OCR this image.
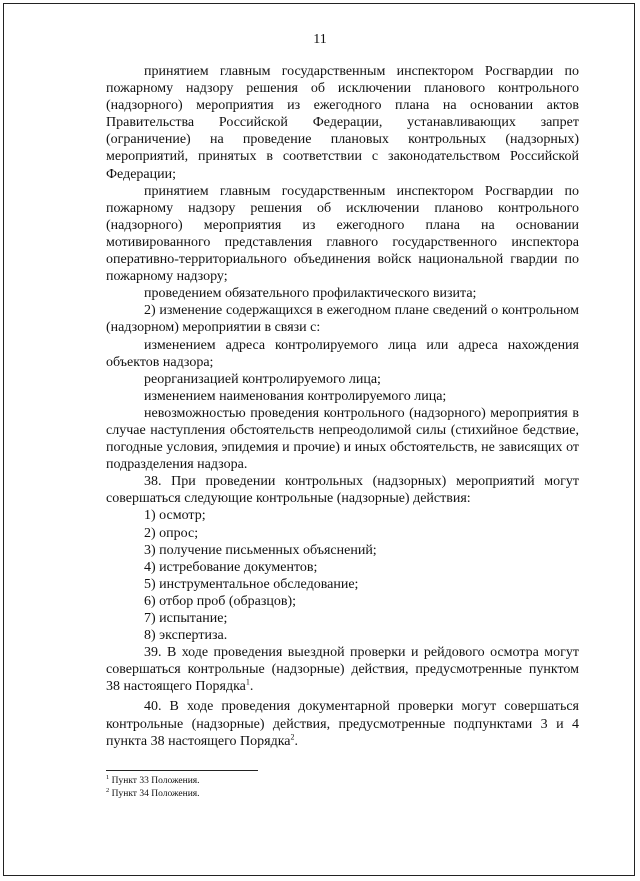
11

принятием главным государственным инспектором Росгвардии по пожарному надзору решения об исключении планового контрольного (надзорного) мероприятия из ежегодного плана на основании актов Правительства Российской Федерации, устанавливающих запрет (ограничение) на проведение плановых контрольных (надзорных) мероприятий, принятых в соответствии с законодательством Российской Федерации;

принятием главным государственным инспектором Росгвардии по пожарному надзору решения об исключении планово контрольного (надзорного) мероприятия из ежегодного плана на основании мотивированного представления главного государственного инспектора оперативно-территориального объединения войск национальной гвардии по пожарному надзору;

проведением обязательного профилактического визита;

2) изменение содержащихся в ежегодном плане сведений о контрольном (надзорном) мероприятии в связи с:

изменением адреса контролируемого лица или адреса нахождения объектов надзора;

реорганизацией контролируемого лица;

изменением наименования контролируемого лица;

невозможностью проведения контрольного (надзорного) мероприятия в случае наступления обстоятельств непреодолимой силы (стихийное бедствие, погодные условия, эпидемия и прочие) и иных обстоятельств, не зависящих от подразделения надзора.

38. При проведении контрольных (надзорных) мероприятий могут совершаться следующие контрольные (надзорные) действия:

1) осмотр;

2) опрос;

3) получение письменных объяснений;

4) истребование документов;

5) инструментальное обследование;

6) отбор проб (образцов);

7) испытание;

8) экспертиза.

39. В ходе проведения выездной проверки и рейдового осмотра могут совершаться контрольные (надзорные) действия, предусмотренные пунктом 38 настоящего Порядка$^1$.

40. В ходе проведения документарной проверки могут совершаться контрольные (надзорные) действия, предусмотренные подпунктами 3 и 4 пункта 38 настоящего Порядка$^2$.

$^1$ Пункт 33 Положения.
$^2$ Пункт 34 Положения.
